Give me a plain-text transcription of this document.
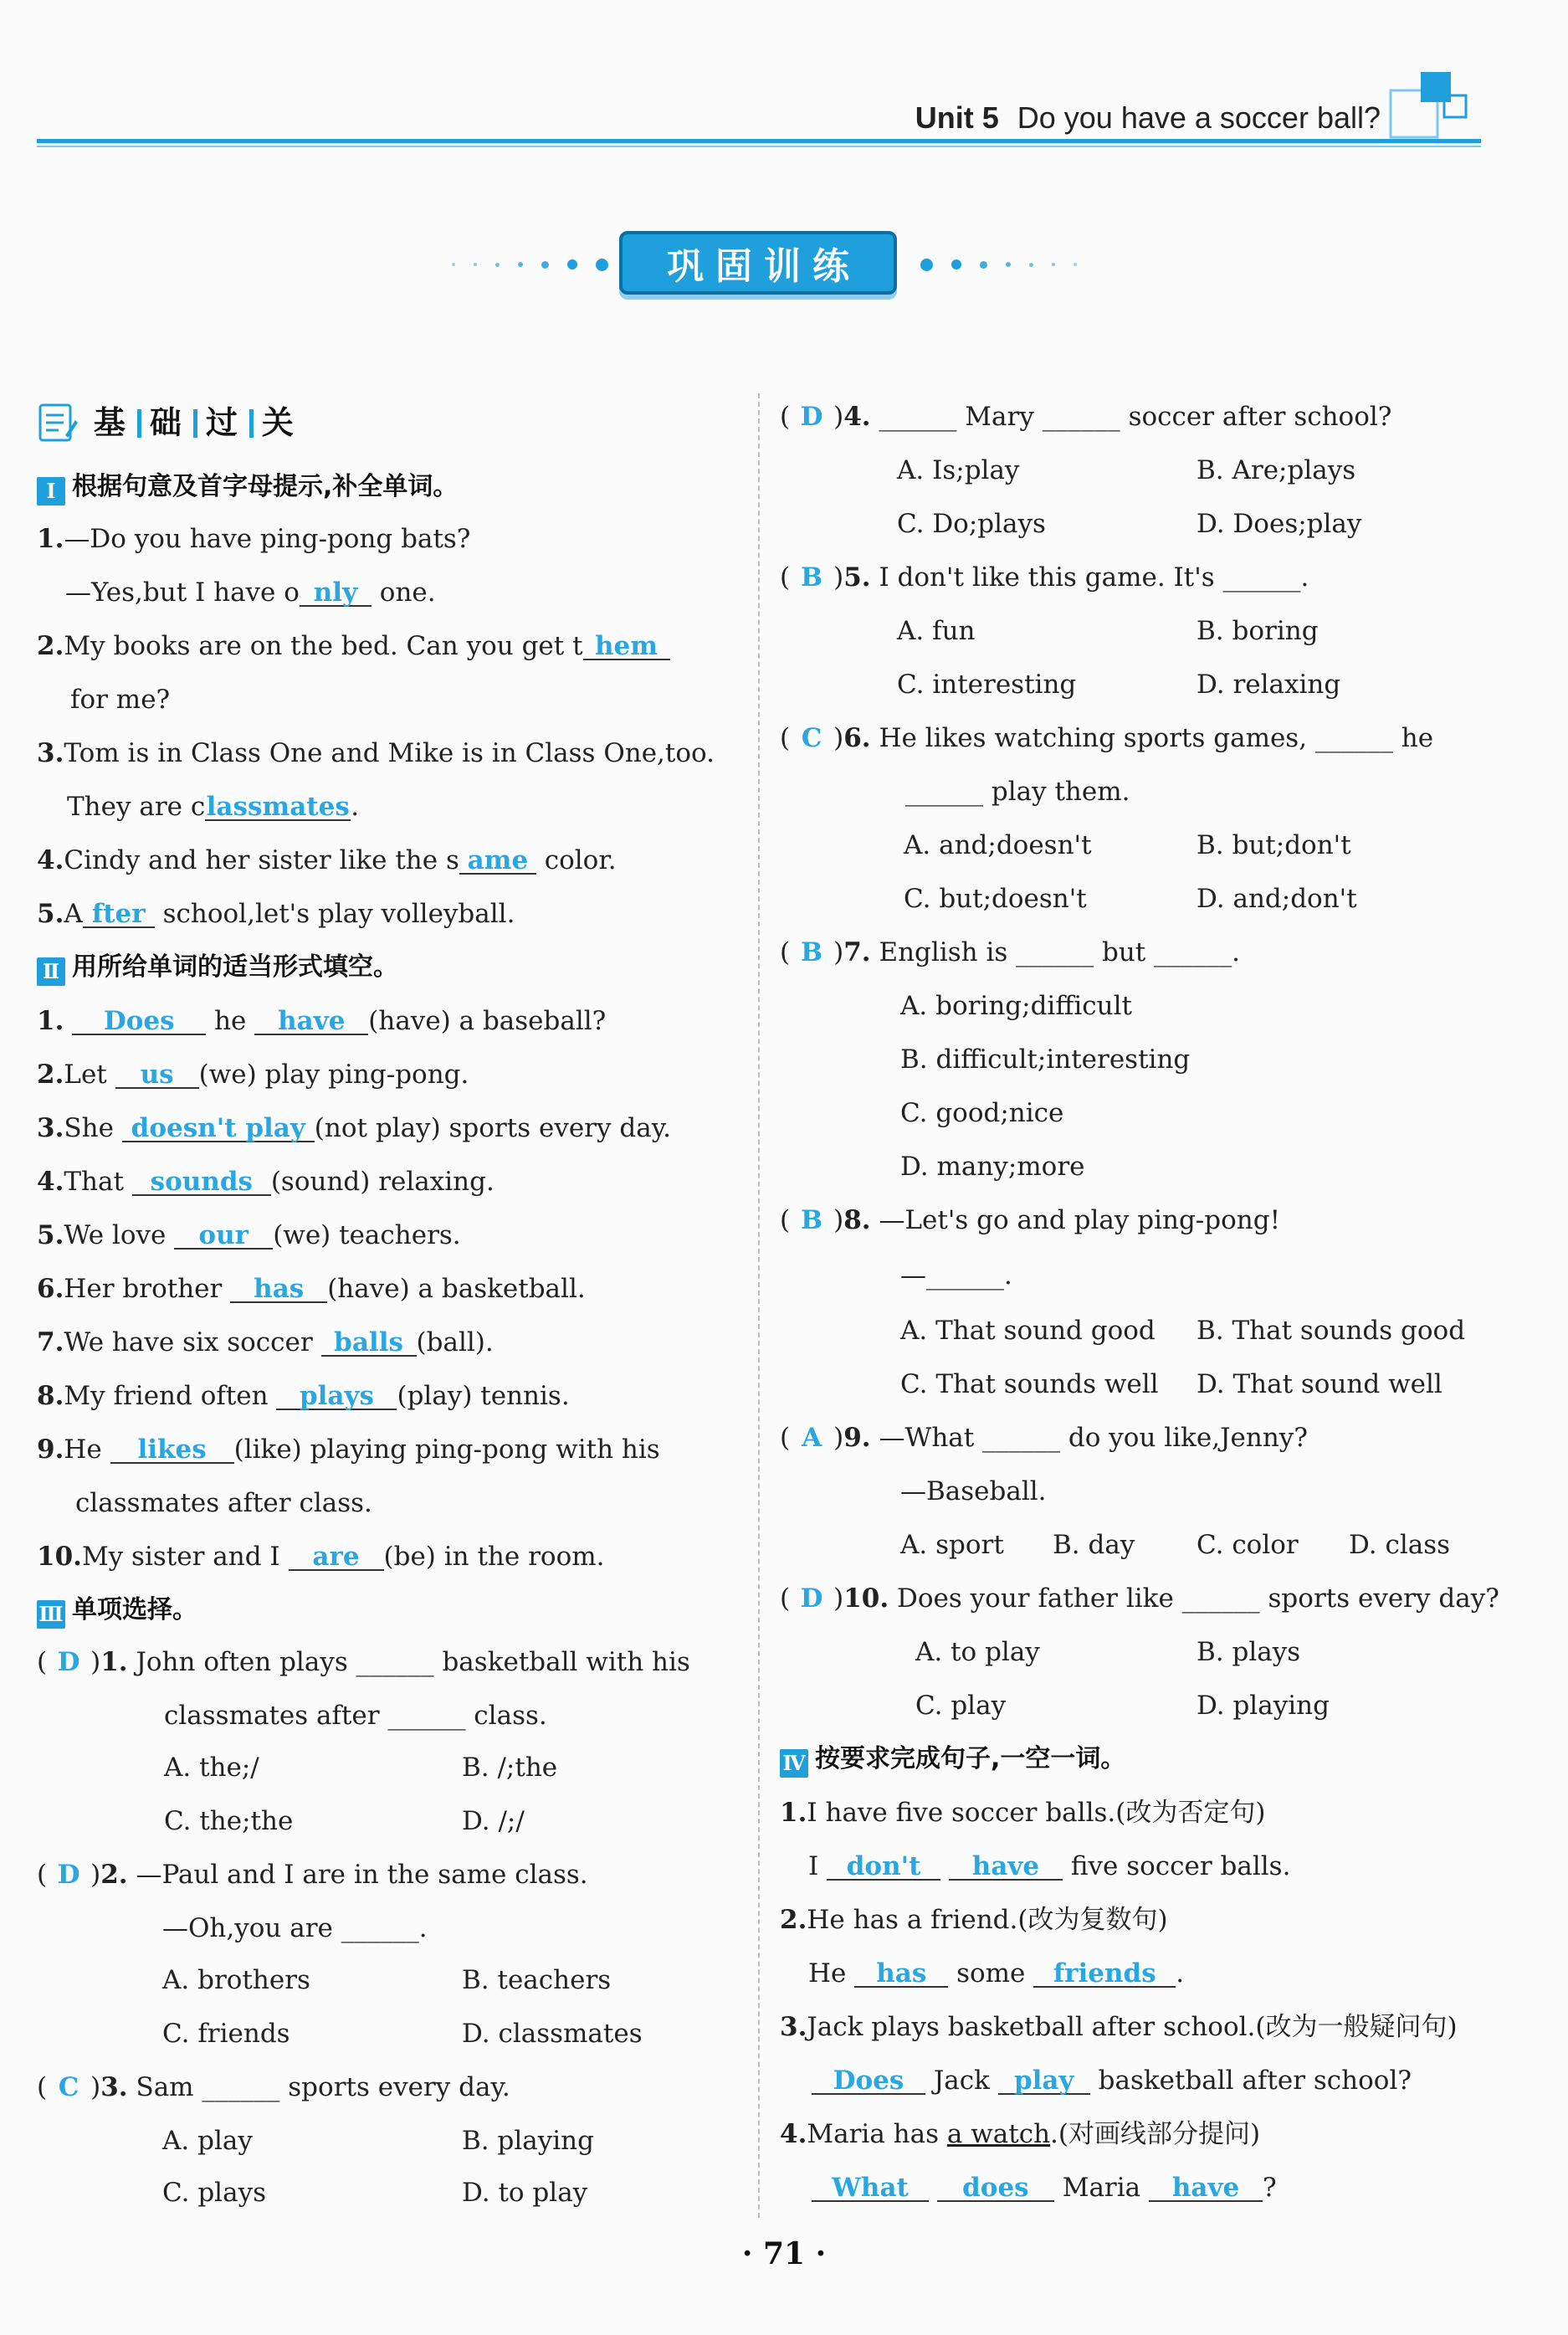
Unit 5 Do you have a soccer ball?
巩固训练
基 础 过 关
Ⅰ 根据句意及首字母提示,补全单词。
1.—Do you have ping-pong bats?
—Yes,but I have o nly one.
2.My books are on the bed. Can you get t hem
for me?
3.Tom is in Class One and Mike is in Class One,too.
They are classmates.
4.Cindy and her sister like the s ame color.
5.A fter school,let's play volleyball.
Ⅱ 用所给单词的适当形式填空。
1. Does he have (have) a baseball?
2.Let us (we) play ping-pong.
3.She doesn't play (not play) sports every day.
4.That sounds (sound) relaxing.
5.We love our (we) teachers.
6.Her brother has (have) a basketball.
7.We have six soccer balls (ball).
8.My friend often plays (play) tennis.
9.He likes (like) playing ping-pong with his
classmates after class.
10.My sister and I are (be) in the room.
Ⅲ 单项选择。
( D )1. John often plays ______ basketball with his
classmates after ______ class.
A. the;/	B. /;the
C. the;the	D. /;/
( D )2. —Paul and I are in the same class.
—Oh,you are ______.
A. brothers	B. teachers
C. friends	D. classmates
( C )3. Sam ______ sports every day.
A. play	B. playing
C. plays	D. to play
( D )4. ______ Mary ______ soccer after school?
A. Is;play	B. Are;plays
C. Do;plays	D. Does;play
( B )5. I don't like this game. It's ______.
A. fun	B. boring
C. interesting	D. relaxing
( C )6. He likes watching sports games, ______ he
______ play them.
A. and;doesn't	B. but;don't
C. but;doesn't	D. and;don't
( B )7. English is ______ but ______.
A. boring;difficult
B. difficult;interesting
C. good;nice
D. many;more
( B )8. —Let's go and play ping-pong!
—______.
A. That sound good B. That sounds good
C. That sounds well D. That sound well
( A )9. —What ______ do you like,Jenny?
—Baseball.
A. sport B. day C. color D. class
( D )10. Does your father like ______ sports every day?
A. to play	B. plays
C. play	D. playing
Ⅳ 按要求完成句子,一空一词。
1.I have five soccer balls.(改为否定句)
I don't have five soccer balls.
2.He has a friend.(改为复数句)
He has some friends .
3.Jack plays basketball after school.(改为一般疑问句)
Does Jack play basketball after school?
4.Maria has a watch.(对画线部分提问)
What does Maria have ?
· 71 ·
